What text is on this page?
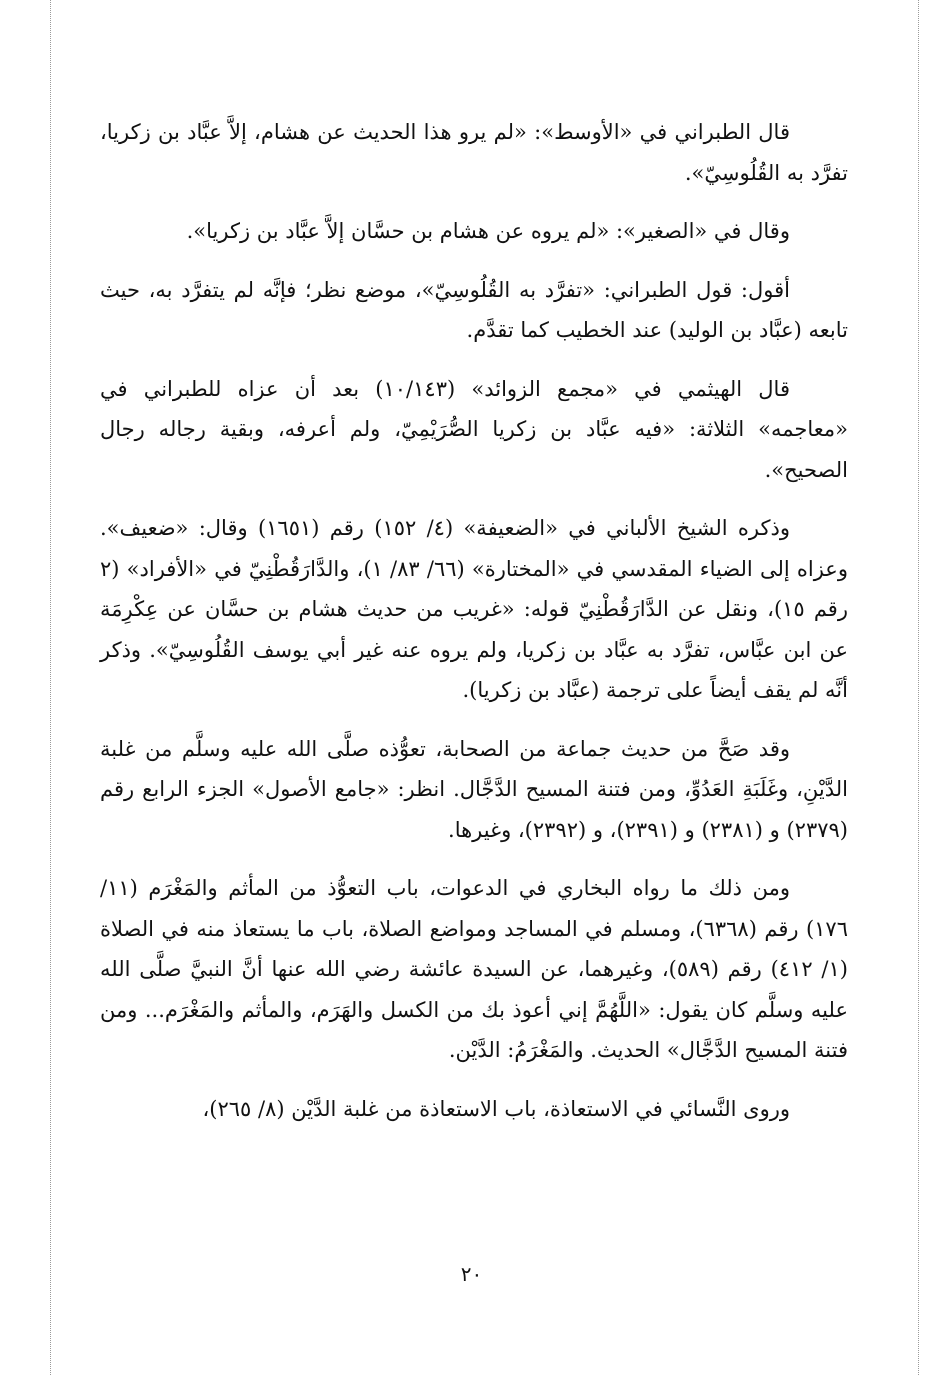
قال الطبراني في «الأوسط»: «لم يرو هذا الحديث عن هشام، إلاَّ عبَّاد بن زكريا، تفرَّد به القُلُوسِيّ».

وقال في «الصغير»: «لم يروه عن هشام بن حسَّان إلاَّ عبَّاد بن زكريا».

أقول: قول الطبراني: «تفرَّد به القُلُوسِيّ»، موضع نظر؛ فإنَّه لم يتفرَّد به، حيث تابعه (عبَّاد بن الوليد) عند الخطيب كما تقدَّم.

قال الهيثمي في «مجمع الزوائد» (١٠/١٤٣) بعد أن عزاه للطبراني في «معاجمه» الثلاثة: «فيه عبَّاد بن زكريا الصُّرَيْمِيّ، ولم أعرفه، وبقية رجاله رجال الصحيح».

وذكره الشيخ الألباني في «الضعيفة» (٤/ ١٥٢) رقم (١٦٥١) وقال: «ضعيف». وعزاه إلى الضياء المقدسي في «المختارة» (٦٦/ ٨٣/ ١)، والدَّارَقُطْنِيّ في «الأفراد» (٢ رقم ١٥)، ونقل عن الدَّارَقُطْنِيّ قوله: «غريب من حديث هشام بن حسَّان عن عِكْرِمَة عن ابن عبَّاس، تفرَّد به عبَّاد بن زكريا، ولم يروه عنه غير أبي يوسف القُلُوسِيّ». وذكر أنَّه لم يقف أيضاً على ترجمة (عبَّاد بن زكريا).

وقد صَحَّ من حديث جماعة من الصحابة، تعوُّذه صلَّى الله عليه وسلَّم من غلبة الدَّيْنِ، وغَلَبَةِ العَدُوِّ، ومن فتنة المسيح الدَّجَّال. انظر: «جامع الأصول» الجزء الرابع رقم (٢٣٧٩) و (٢٣٨١) و (٢٣٩١)، و (٢٣٩٢)، وغيرها.

ومن ذلك ما رواه البخاري في الدعوات، باب التعوُّذ من المأثم والمَغْرَم (١١/ ١٧٦) رقم (٦٣٦٨)، ومسلم في المساجد ومواضع الصلاة، باب ما يستعاذ منه في الصلاة (١/ ٤١٢) رقم (٥٨٩)، وغيرهما، عن السيدة عائشة رضي الله عنها أنَّ النبيَّ صلَّى الله عليه وسلَّم كان يقول: «اللَّهُمَّ إني أعوذ بك من الكسل والهَرَم، والمأثم والمَغْرَم... ومن فتنة المسيح الدَّجَّال» الحديث. والمَغْرَمُ: الدَّيْن.

وروى النَّسائي في الاستعاذة، باب الاستعاذة من غلبة الدَّيْن (٨/ ٢٦٥)،

٢٠
